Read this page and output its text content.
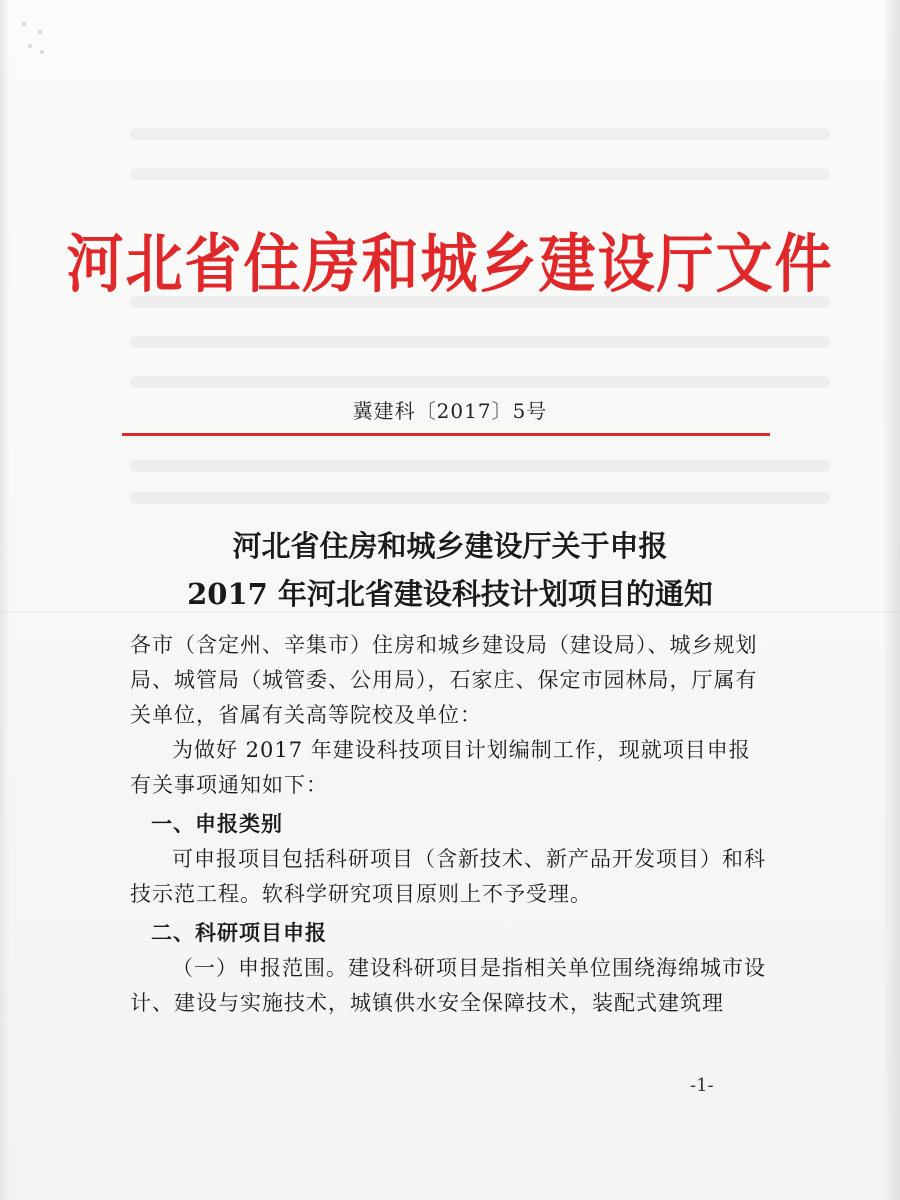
河北省住房和城乡建设厅文件
冀建科〔2017〕5号
河北省住房和城乡建设厅关于申报
2017 年河北省建设科技计划项目的通知

各市（含定州、辛集市）住房和城乡建设局（建设局）、城乡规划局、城管局（城管委、公用局），石家庄、保定市园林局，厅属有关单位，省属有关高等院校及单位：

为做好 2017 年建设科技项目计划编制工作，现就项目申报有关事项通知如下：

一、申报类别

可申报项目包括科研项目（含新技术、新产品开发项目）和科技示范工程。软科学研究项目原则上不予受理。

二、科研项目申报

（一）申报范围。建设科研项目是指相关单位围绕海绵城市设计、建设与实施技术，城镇供水安全保障技术，装配式建筑理

-1-
